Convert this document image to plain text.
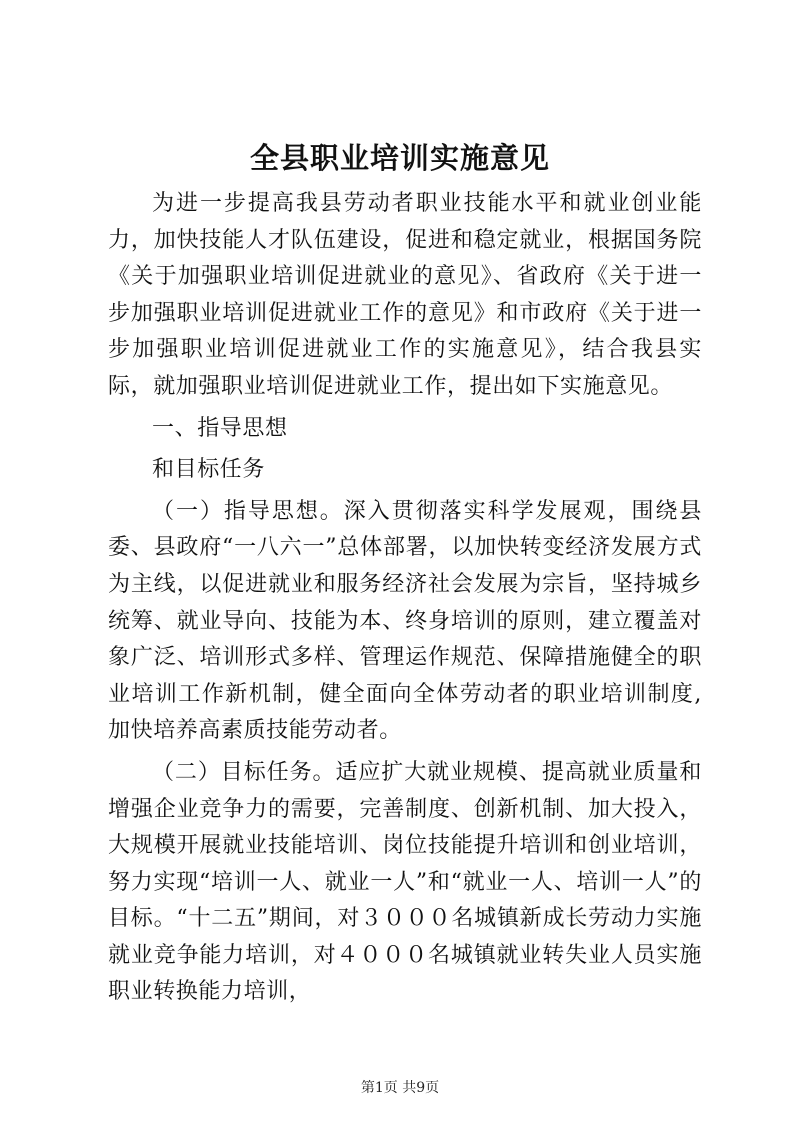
全县职业培训实施意见

为进一步提高我县劳动者职业技能水平和就业创业能力，加快技能人才队伍建设，促进和稳定就业，根据国务院《关于加强职业培训促进就业的意见》、省政府《关于进一步加强职业培训促进就业工作的意见》和市政府《关于进一步加强职业培训促进就业工作的实施意见》，结合我县实际，就加强职业培训促进就业工作，提出如下实施意见。

一、指导思想

和目标任务

（一）指导思想。深入贯彻落实科学发展观，围绕县委、县政府“一八六一”总体部署，以加快转变经济发展方式为主线，以促进就业和服务经济社会发展为宗旨，坚持城乡统筹、就业导向、技能为本、终身培训的原则，建立覆盖对象广泛、培训形式多样、管理运作规范、保障措施健全的职业培训工作新机制，健全面向全体劳动者的职业培训制度,加快培养高素质技能劳动者。

（二）目标任务。适应扩大就业规模、提高就业质量和增强企业竞争力的需要，完善制度、创新机制、加大投入，大规模开展就业技能培训、岗位技能提升培训和创业培训，努力实现“培训一人、就业一人”和“就业一人、培训一人”的目标。“十二五”期间，对３０００名城镇新成长劳动力实施就业竞争能力培训，对４０００名城镇就业转失业人员实施职业转换能力培训，

第1页 共9页
